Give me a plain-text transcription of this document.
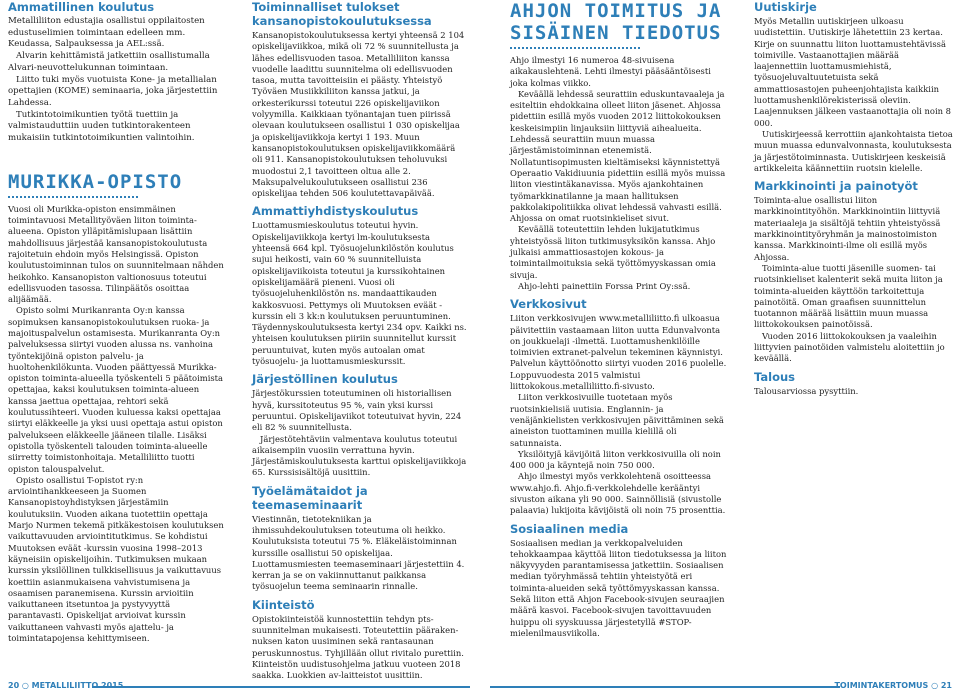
Ammatillinen koulutus

Metalliliiton edustajia osallistui oppilaitosten edustuselimien toimintaan edelleen mm. Keudassa, Salpauksessa ja AEL:ssä.

Alvarin kehittämistä jatkettiin osallistumalla Alvari-neuvottelukunnan toimintaan.

Liitto tuki myös vuotuista Kone- ja metallialan opettajien (KOME) seminaaria, joka järjestettiin Lahdessa.

Tutkintotoimikuntien työtä tuettiin ja valmistauduttiin uuden tutkintorakenteen mukaisiin tutkintotoimikuntien valintoihin.

MURIKKA-OPISTO

Vuosi oli Murikka-opiston ensimmäinen toimintavuosi Metallityöväen liiton toiminta-alueena. Opiston ylläpitämislupaan lisättiin mahdollisuus järjestää kansanopistokoulutusta rajoitetuin ehdoin myös Helsingissä. Opiston koulutustoiminnan tulos on suunnitelmaan nähden heikohko. Kansanopiston valtionosuus toteutui edellisvuoden tasossa. Tilinpäätös osoittaa alijäämää.

Opisto solmi Murikanranta Oy:n kanssa sopimuksen kansanopistokoulutuksen ruoka- ja majoituspalvelun ostamisesta. Murikanranta Oy:n palveluksessa siirtyi vuoden alussa ns. vanhoina työntekijöinä opiston palvelu- ja huoltohenkilökunta. Vuoden päättyessä Murikka-opiston toiminta-alueella työskenteli 5 päätoimista opettajaa, kaksi koulutuksen toiminta-alueen kanssa jaettua opettajaa, rehtori sekä koulutussihteeri. Vuoden kuluessa kaksi opettajaa siirtyi eläkkeelle ja yksi uusi opettaja astui opiston palvelukseen eläkkeelle jääneen tilalle. Lisäksi opistolla työskenteli talouden toiminta-alueelle siirretty toimistonhoitaja. Metalliliitto tuotti opiston talouspalvelut.

Opisto osallistui T-opistot ry:n arviointihankkeeseen ja Suomen Kansanopistoyhdistyksen järjestämiin koulutuksiin. Vuoden aikana tuotettiin opettaja Marjo Nurmen tekemä pitkäkestoisen koulutuksen vaikuttavuuden arviointitutkimus. Se kohdistui Muutoksen eväät -kurssin vuosina 1998–2013 käyneisiin opiskelijoihin. Tutkimuksen mukaan kurssin yksilöllinen tulkkisellisuus ja vaikuttavuus koettiin asianmukaisena vahvistumisena ja osaamisen paranemisena. Kurssin arvioitiin vaikuttaneen itsetuntoa ja pystyvyyttä parantavasti. Opiskelijat arvioivat kurssin vaikuttaneen vahvasti myös ajattelu- ja toimintatapojensa kehittymiseen.

Toiminnalliset tulokset kansanopistokoulutuksessa

Kansanopistokoulutuksessa kertyi yhteensä 2 104 opiskelijaviikkoa, mikä oli 72 % suunnitellusta ja lähes edellisvuoden tasoa. Metalliliiton kanssa vuodelle laadittu suunnitelma oli edellisvuoden tasoa, mutta tavoitteisiin ei päästy. Yhteistyö Työväen Musiikkiliiton kanssa jatkui, ja orkesterikurssi toteutui 226 opiskelijaviikon volyymilla. Kaikkiaan työnantajan tuen piirissä olevaan koulutukseen osallistui 1 030 opiskelijaa ja opiskelijaviikkoja kertyi 1 193. Muun kansanopistokoulutuksen opiskelijaviikkomäärä oli 911. Kansanopistokoulutuksen teholuvuksi muodostui 2,1 tavoitteen oltua alle 2. Maksupalvelukoulutukseen osallistui 236 opiskelijaa tehden 506 koulutettavapäivää.

Ammattiyhdistyskoulutus

Luottamusmieskoulutus toteutui hyvin. Opiskelijaviikkoja kertyi lm-koulutuksesta yhteensä 664 kpl. Työsuojelunkilöstön koulutus sujui heikosti, vain 60 % suunnitelluista opiskelijaviikoista toteutui ja kurssikohtainen opiskelijamäärä pieneni. Vuosi oli työsuojeluhenkilöstön ns. mandaattikauden kakkosvuosi. Pettymys oli Muutoksen eväät -kurssin eli 3 kk:n koulutuksen peruuntuminen. Täydennyskoulutuksesta kertyi 234 opv. Kaikki ns. yhteisen koulutuksen piiriin suunnitellut kurssit peruuntuivat, kuten myös autoalan omat työsuojelu- ja luottamusmieskurssit.

Järjestöllinen koulutus

Järjestökurssien toteutuminen oli historiallisen hyvä, kurssitoteutus 95 %, vain yksi kurssi peruuntui. Opiskelijaviikot toteutuivat hyvin, 224 eli 82 % suunnitellusta.

Järjestötehtäviin valmentava koulutus toteutui aikaisempiin vuosiin verrattuna hyvin. Järjestämiskoulutuksesta karttui opiskelijaviikkoja 65. Kurssisisältöjä uusittiin.

Työelämätaidot ja teemaseminaarit

Viestinnän, tietotekniikan ja ihmissuhdekoulutuksen toteutuma oli heikko. Koulutuksista toteutui 75 %. Eläkeläistoiminnan kurssille osallistui 50 opiskelijaa. Luottamusmiesten teemaseminaari järjestettiin 4. kerran ja se on vakiinnuttanut paikkansa työsuojelun teema seminaarin rinnalle.

Kiinteistö

Opistokiinteistöä kunnostettiin tehdyn pts-suunnitelman mukaisesti. Toteutettiin päärakennuksen katon uusiminen sekä rantasaunan peruskunnostus. Tyhjillään ollut rivitalo purettiin. Kiinteistön uudistusohjelma jatkuu vuoteen 2018 saakka. Luokkien av-laitteistot uusittiin.

AHJON TOIMITUS JA SISÄINEN TIEDOTUS

Ahjo ilmestyi 16 numeroa 48-sivuisena aikakauslehtenä. Lehti ilmestyi pääsääntöisesti joka kolmas viikko.

Keväällä lehdessä seurattiin eduskuntavaaleja ja esiteltiin ehdokkaina olleet liiton jäsenet. Ahjossa pidettiin esillä myös vuoden 2012 liittokokouksen keskeisimpiin linjauksiin liittyviä aihealueita. Lehdessä seurattiin muun muassa järjestämistoiminnan etenemistä. Nollatuntisopimusten kieltämiseksi käynnistettyä Operaatio Vakidiuunia pidettiin esillä myös muissa liiton viestintäkanavissa. Myös ajankohtainen työmarkkinatilanne ja maan hallituksen pakkolakipolitiikka olivat lehdessä vahvasti esillä. Ahjossa on omat ruotsinkieliset sivut.

Keväällä toteutettiin lehden lukijatutkimus yhteistyössä liiton tutkimusyksikön kanssa. Ahjo julkaisi ammattiosastojen kokous- ja toimintailmoituksia sekä työttömyyskassan omia sivuja.

Ahjo-lehti painettiin Forssa Print Oy:ssä.

Verkkosivut

Liiton verkkosivujen www.metalliliitto.fi ulkoasua päivitettiin vastaamaan liiton uutta Edunvalvonta on joukkuelaji -ilmettä. Luottamushenkilöille toimivien extranet-palvelun tekeminen käynnistyi. Palvelun käyttöönotto siirtyi vuoden 2016 puolelle. Loppuvuodesta 2015 valmistui liittokokous.metalliliitto.fi-sivusto.

Liiton verkkosivuille tuotetaan myös ruotsinkielisiä uutisia. Englannin- ja venäjänkielisten verkkosivujen päivittäminen sekä aineiston tuottaminen muilla kielillä oli satunnaista.

Yksilöityjä kävijöitä liiton verkkosivuilla oli noin 400 000 ja käyntejä noin 750 000.

Ahjo ilmestyi myös verkkolehtenä osoitteessa www.ahjo.fi. Ahjo.fi-verkkolehdelle kerääntyi sivuston aikana yli 90 000. Sainnöllisiä (sivustolle palaavia) lukijoita kävijöistä oli noin 75 prosenttia.

Sosiaalinen media

Sosiaalisen median ja verkkopalveluiden tehokkaampaa käyttöä liiton tiedotuksessa ja liiton näkyvyyden parantamisessa jatkettiin. Sosiaalisen median työryhmässä tehtiin yhteistyötä eri toiminta-alueiden sekä työttömyyskassan kanssa. Sekä liiton että Ahjon Facebook-sivujen seuraajien määrä kasvoi. Facebook-sivujen tavoittavuuden huippu oli syyskuussa järjestetyllä #STOP-mielenilmausviikolla.

Uutiskirje

Myös Metallin uutiskirjeen ulkoasu uudistettiin. Uutiskirje lähetettiin 23 kertaa. Kirje on suunnattu liiton luottamustehtävissä toimiville. Vastaanottajien määrää laajennettiin luottamusmiehistä, työsuojeluvaltuutetuista sekä ammattiosastojen puheenjohtajista kaikkiin luottamushenkilörekisterissä oleviin. Laajennuksen jälkeen vastaanottajia oli noin 8 000.

Uutiskirjeessä kerrottiin ajankohtaista tietoa muun muassa edunvalvonnasta, koulutuksesta ja järjestötoiminnasta. Uutiskirjeen keskeisiä artikkeleita käännettiin ruotsin kielelle.

Markkinointi ja painotyöt

Toiminta-alue osallistui liiton markkinointityöhön. Markkinointiin liittyviä materiaaleja ja sisältöjä tehtiin yhteistyössä markkinointityöryhmän ja mainostoimiston kanssa. Markkinointi-ilme oli esillä myös Ahjossa.

Toiminta-alue tuotti jäsenille suomen- tai ruotsinkieliset kalenterit sekä muita liiton ja toiminta-alueiden käyttöön tarkoitettuja painotöitä. Oman graafisen suunnittelun tuotannon määrää lisättiin muun muassa liittokokouksen painotöissä.

Vuoden 2016 liittokokouksen ja vaaleihin liittyvien painotöiden valmistelu aloitettiin jo keväällä.

Talous

Talousarviossa pysyttiin.

20 ○ METALLILIITTO 2015	TOIMINTAKERTOMUS ○ 21
